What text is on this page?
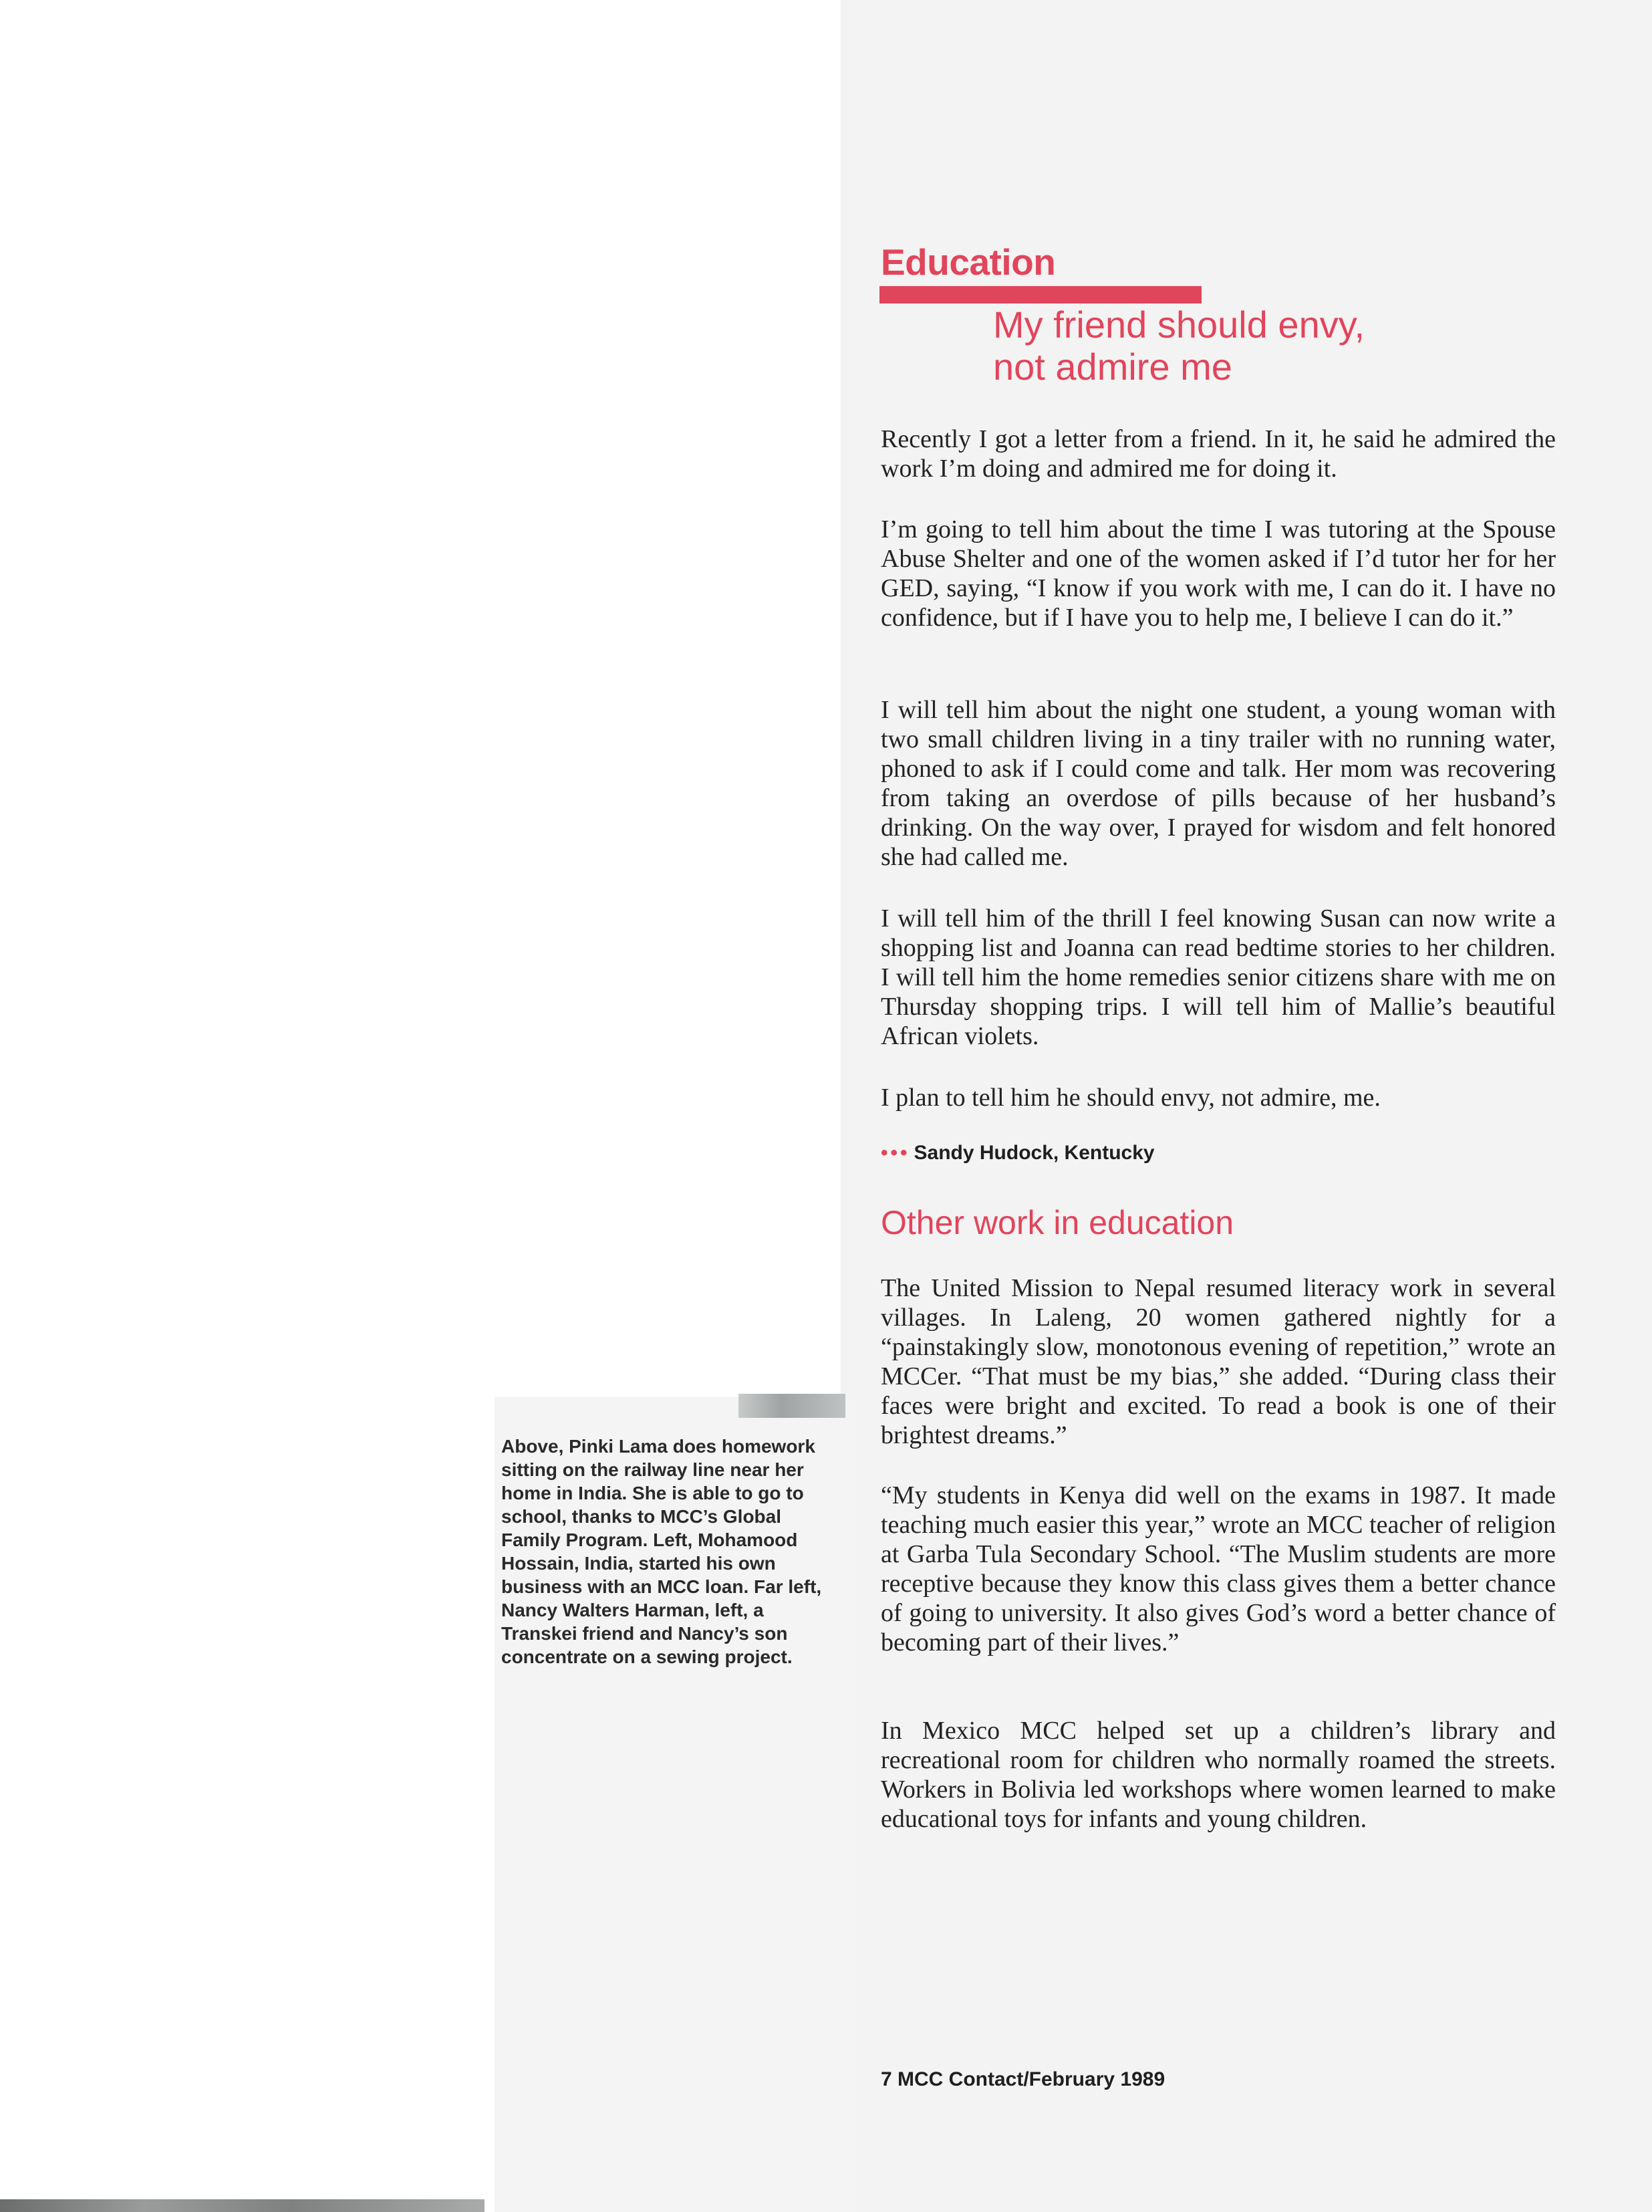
Education
My friend should envy,
not admire me

Recently I got a letter from a friend. In it, he said he admired the work I’m doing and admired me for doing it.

I’m going to tell him about the time I was tutoring at the Spouse Abuse Shelter and one of the women asked if I’d tutor her for her GED, saying, “I know if you work with me, I can do it. I have no confidence, but if I have you to help me, I believe I can do it.”

I will tell him about the night one student, a young woman with two small children living in a tiny trailer with no running water, phoned to ask if I could come and talk. Her mom was recovering from taking an overdose of pills because of her husband’s drinking. On the way over, I prayed for wisdom and felt honored she had called me.

I will tell him of the thrill I feel knowing Susan can now write a shopping list and Joanna can read bedtime stories to her children. I will tell him the home remedies senior citizens share with me on Thursday shopping trips. I will tell him of Mallie’s beautiful African violets.

I plan to tell him he should envy, not admire, me.

••• Sandy Hudock, Kentucky

Other work in education

The United Mission to Nepal resumed literacy work in several villages. In Laleng, 20 women gathered nightly for a “painstakingly slow, monotonous evening of repetition,” wrote an MCCer. “That must be my bias,” she added. “During class their faces were bright and excited. To read a book is one of their brightest dreams.”

“My students in Kenya did well on the exams in 1987. It made teaching much easier this year,” wrote an MCC teacher of religion at Garba Tula Secondary School. “The Muslim students are more receptive because they know this class gives them a better chance of going to university. It also gives God’s word a better chance of becoming part of their lives.”

In Mexico MCC helped set up a children’s library and recreational room for children who normally roamed the streets. Workers in Bolivia led workshops where women learned to make educational toys for infants and young children.

Above, Pinki Lama does homework sitting on the railway line near her home in India. She is able to go to school, thanks to MCC’s Global Family Program. Left, Mohamood Hossain, India, started his own business with an MCC loan. Far left, Nancy Walters Harman, left, a Transkei friend and Nancy’s son concentrate on a sewing project.

7 MCC Contact/February 1989
